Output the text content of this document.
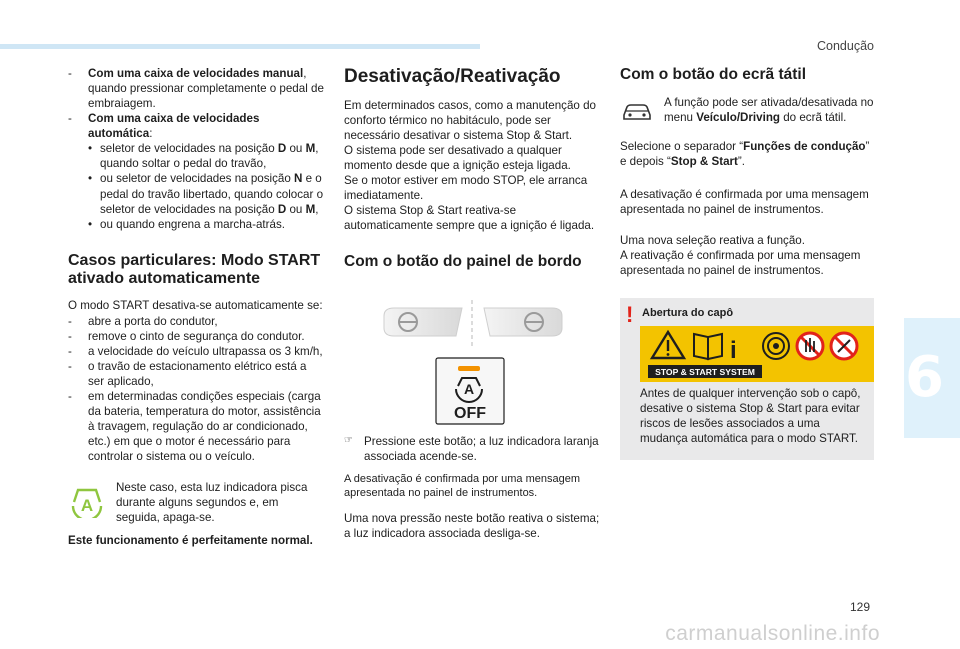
Condução
6
- Com uma caixa de velocidades manual, quando pressionar completamente o pedal de embraiagem.
- Com uma caixa de velocidades automática:
• seletor de velocidades na posição D ou M, quando soltar o pedal do travão,
• ou seletor de velocidades na posição N e o pedal do travão libertado, quando colocar o seletor de velocidades na posição D ou M,
• ou quando engrena a marcha-atrás.
Casos particulares: Modo START ativado automaticamente

O modo START desativa-se automaticamente se:

- abre a porta do condutor,
- remove o cinto de segurança do condutor.
- a velocidade do veículo ultrapassa os 3 km/h,
- o travão de estacionamento elétrico está a ser aplicado,
- em determinadas condições especiais (carga da bateria, temperatura do motor, assistência à travagem, regulação do ar condicionado, etc.) em que o motor é necessário para controlar o sistema ou o veículo.
A

Neste caso, esta luz indicadora pisca durante alguns segundos e, em seguida, apaga-se.

Este funcionamento é perfeitamente normal.

Desativação/Reativação

Em determinados casos, como a manutenção do conforto térmico no habitáculo, pode ser necessário desativar o sistema Stop & Start.
O sistema pode ser desativado a qualquer momento desde que a ignição esteja ligada.
Se o motor estiver em modo STOP, ele arranca imediatamente.
O sistema Stop & Start reativa-se automaticamente sempre que a ignição é ligada.

Com o botão do painel de bordo
A
OFF
☞ Pressione este botão; a luz indicadora laranja associada acende-se.

A desativação é confirmada por uma mensagem apresentada no painel de instrumentos.

Uma nova pressão neste botão reativa o sistema; a luz indicadora associada desliga-se.

Com o botão do ecrã tátil

A função pode ser ativada/desativada no menu Veículo/Driving do ecrã tátil.

Selecione o separador “Funções de condução” e depois “Stop & Start”.

A desativação é confirmada por uma mensagem apresentada no painel de instrumentos.

Uma nova seleção reativa a função.
A reativação é confirmada por uma mensagem apresentada no painel de instrumentos.

! Abertura do capô
i
STOP & START SYSTEM

Antes de qualquer intervenção sob o capô, desative o sistema Stop & Start para evitar riscos de lesões associados a uma mudança automática para o modo START.

129
carmanualsonline.info
